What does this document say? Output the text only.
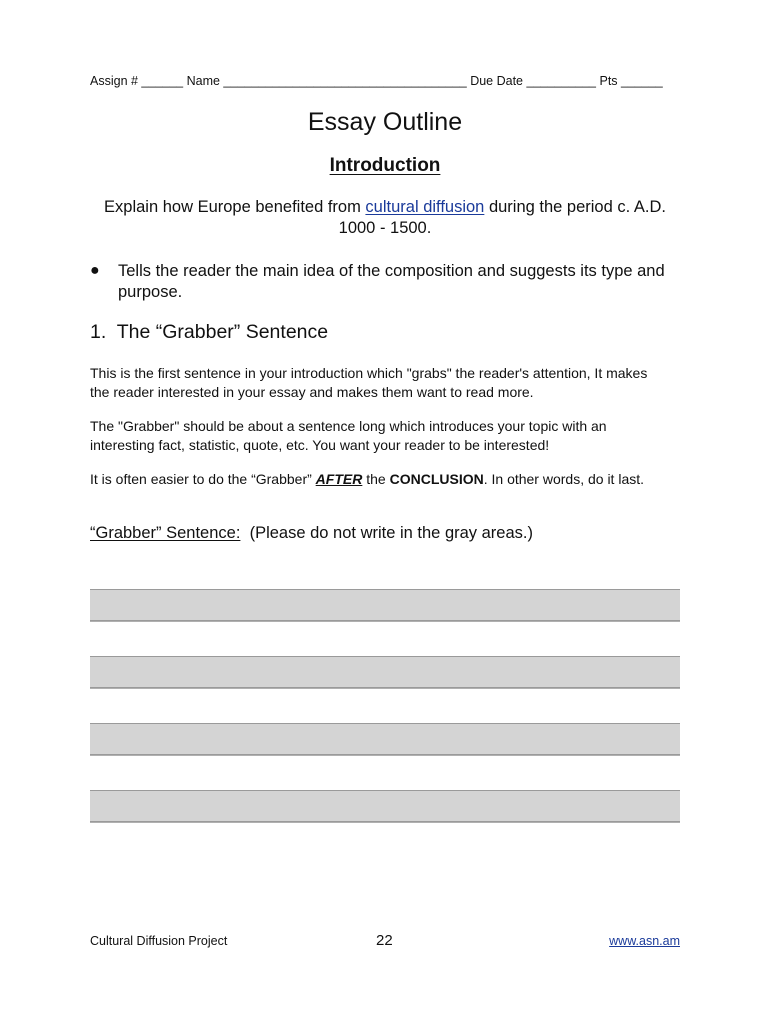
Assign # ______ Name ___________________________________ Due Date __________ Pts ______
Essay Outline
Introduction
Explain how Europe benefited from cultural diffusion during the period c. A.D. 1000 - 1500.
● Tells the reader the main idea of the composition and suggests its type and purpose.
1.  The “Grabber” Sentence
This is the first sentence in your introduction which "grabs" the reader's attention, It makes the reader interested in your essay and makes them want to read more.
The "Grabber" should be about a sentence long which introduces your topic with an interesting fact, statistic, quote, etc. You want your reader to be interested!
It is often easier to do the “Grabber” AFTER the CONCLUSION. In other words, do it last.
“Grabber” Sentence:  (Please do not write in the gray areas.)
Cultural Diffusion Project	22	www.asn.am
